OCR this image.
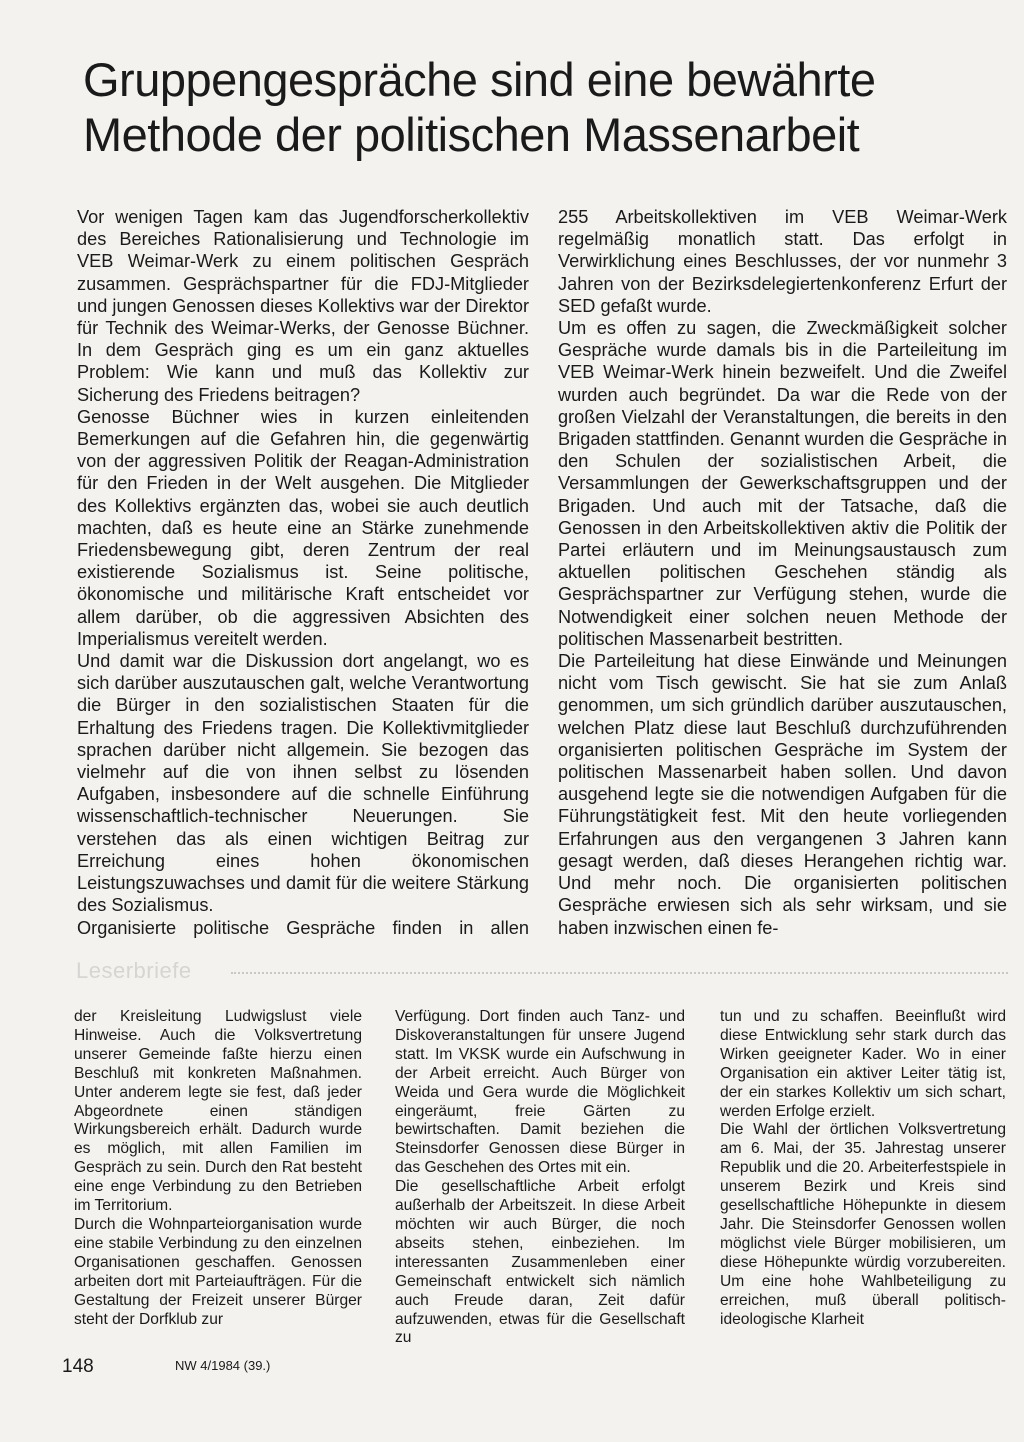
Gruppengespräche sind eine bewährte
Methode der politischen Massenarbeit

Vor wenigen Tagen kam das Jugendforscherkollektiv des Bereiches Rationalisierung und Technologie im VEB Weimar-Werk zu einem politischen Gespräch zusammen. Gesprächspartner für die FDJ-Mitglieder und jungen Genossen dieses Kollektivs war der Direktor für Technik des Weimar-Werks, der Genosse Büchner. In dem Gespräch ging es um ein ganz aktuelles Problem: Wie kann und muß das Kollektiv zur Sicherung des Friedens beitragen?

Genosse Büchner wies in kurzen einleitenden Bemerkungen auf die Gefahren hin, die gegenwärtig von der aggressiven Politik der Reagan-Administration für den Frieden in der Welt ausgehen. Die Mitglieder des Kollektivs ergänzten das, wobei sie auch deutlich machten, daß es heute eine an Stärke zunehmende Friedensbewegung gibt, deren Zentrum der real existierende Sozialismus ist. Seine politische, ökonomische und militärische Kraft entscheidet vor allem darüber, ob die aggressiven Absichten des Imperialismus vereitelt werden.

Und damit war die Diskussion dort angelangt, wo es sich darüber auszutauschen galt, welche Verantwortung die Bürger in den sozialistischen Staaten für die Erhaltung des Friedens tragen. Die Kollektivmitglieder sprachen darüber nicht allgemein. Sie bezogen das vielmehr auf die von ihnen selbst zu lösenden Aufgaben, insbesondere auf die schnelle Einführung wissenschaftlich-technischer Neuerungen. Sie verstehen das als einen wichtigen Beitrag zur Erreichung eines hohen ökonomischen Leistungszuwachses und damit für die weitere Stärkung des Sozialismus.

Organisierte politische Gespräche finden in allen

255 Arbeitskollektiven im VEB Weimar-Werk regelmäßig monatlich statt. Das erfolgt in Verwirklichung eines Beschlusses, der vor nunmehr 3 Jahren von der Bezirksdelegiertenkonferenz Erfurt der SED gefaßt wurde.

Um es offen zu sagen, die Zweckmäßigkeit solcher Gespräche wurde damals bis in die Parteileitung im VEB Weimar-Werk hinein bezweifelt. Und die Zweifel wurden auch begründet. Da war die Rede von der großen Vielzahl der Veranstaltungen, die bereits in den Brigaden stattfinden. Genannt wurden die Gespräche in den Schulen der sozialistischen Arbeit, die Versammlungen der Gewerkschaftsgruppen und der Brigaden. Und auch mit der Tatsache, daß die Genossen in den Arbeitskollektiven aktiv die Politik der Partei erläutern und im Meinungsaustausch zum aktuellen politischen Geschehen ständig als Gesprächspartner zur Verfügung stehen, wurde die Notwendigkeit einer solchen neuen Methode der politischen Massenarbeit bestritten.

Die Parteileitung hat diese Einwände und Meinungen nicht vom Tisch gewischt. Sie hat sie zum Anlaß genommen, um sich gründlich darüber auszutauschen, welchen Platz diese laut Beschluß durchzuführenden organisierten politischen Gespräche im System der politischen Massenarbeit haben sollen. Und davon ausgehend legte sie die notwendigen Aufgaben für die Führungstätigkeit fest. Mit den heute vorliegenden Erfahrungen aus den vergangenen 3 Jahren kann gesagt werden, daß dieses Herangehen richtig war. Und mehr noch. Die organisierten politischen Gespräche erwiesen sich als sehr wirksam, und sie haben inzwischen einen fe-

Leserbriefe

der Kreisleitung Ludwigslust viele Hinweise. Auch die Volksvertretung unserer Gemeinde faßte hierzu einen Beschluß mit konkreten Maßnahmen. Unter anderem legte sie fest, daß jeder Abgeordnete einen ständigen Wirkungsbereich erhält. Dadurch wurde es möglich, mit allen Familien im Gespräch zu sein. Durch den Rat besteht eine enge Verbindung zu den Betrieben im Territorium.

Durch die Wohnparteiorganisation wurde eine stabile Verbindung zu den einzelnen Organisationen geschaffen. Genossen arbeiten dort mit Parteiaufträgen. Für die Gestaltung der Freizeit unserer Bürger steht der Dorfklub zur

Verfügung. Dort finden auch Tanz- und Diskoveranstaltungen für unsere Jugend statt. Im VKSK wurde ein Aufschwung in der Arbeit erreicht. Auch Bürger von Weida und Gera wurde die Möglichkeit eingeräumt, freie Gärten zu bewirtschaften. Damit beziehen die Steinsdorfer Genossen diese Bürger in das Geschehen des Ortes mit ein.

Die gesellschaftliche Arbeit erfolgt außerhalb der Arbeitszeit. In diese Arbeit möchten wir auch Bürger, die noch abseits stehen, einbeziehen. Im interessanten Zusammenleben einer Gemeinschaft entwickelt sich nämlich auch Freude daran, Zeit dafür aufzuwenden, etwas für die Gesellschaft zu

tun und zu schaffen. Beeinflußt wird diese Entwicklung sehr stark durch das Wirken geeigneter Kader. Wo in einer Organisation ein aktiver Leiter tätig ist, der ein starkes Kollektiv um sich schart, werden Erfolge erzielt.

Die Wahl der örtlichen Volksvertretung am 6. Mai, der 35. Jahrestag unserer Republik und die 20. Arbeiterfestspiele in unserem Bezirk und Kreis sind gesellschaftliche Höhepunkte in diesem Jahr. Die Steinsdorfer Genossen wollen möglichst viele Bürger mobilisieren, um diese Höhepunkte würdig vorzubereiten. Um eine hohe Wahlbeteiligung zu erreichen, muß überall politisch-ideologische Klarheit

148	NW 4/1984 (39.)
